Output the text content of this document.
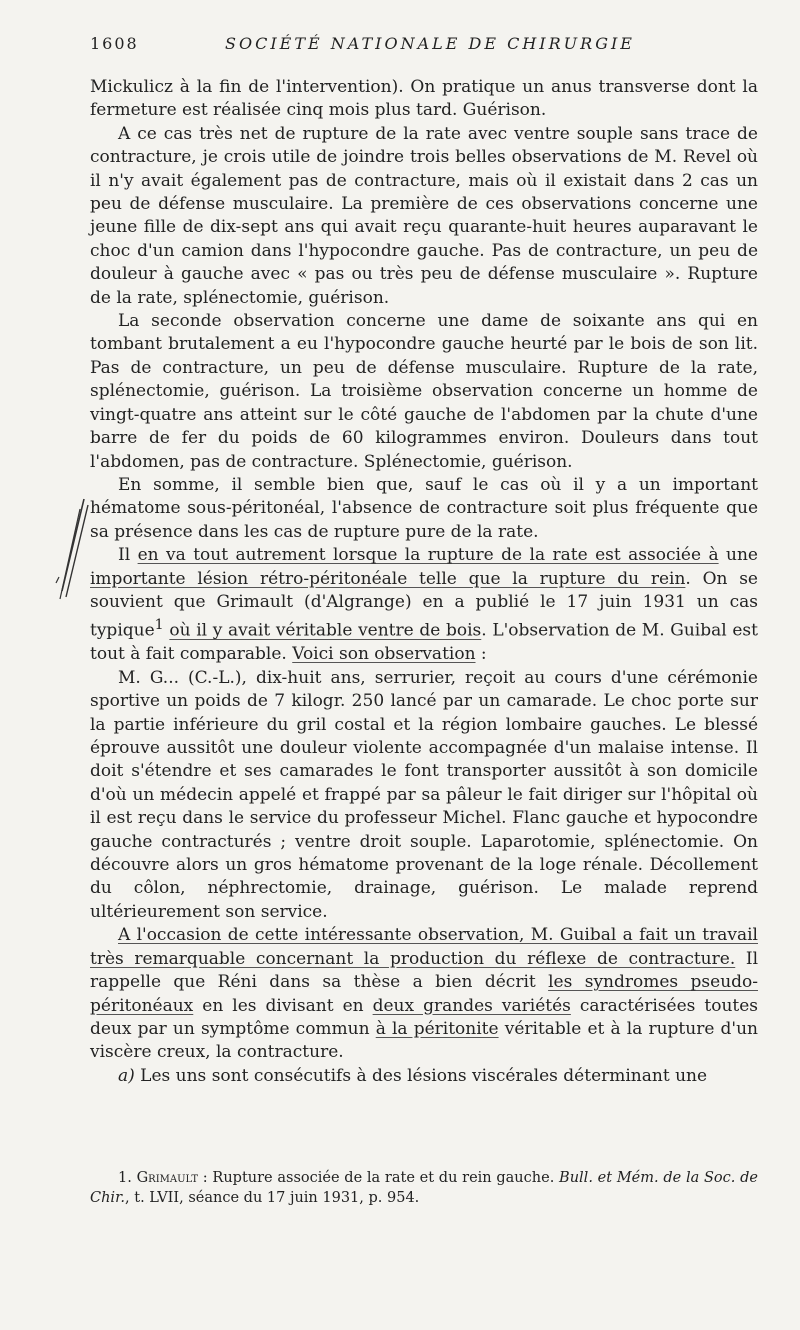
1608	SOCIÉTÉ NATIONALE DE CHIRURGIE

Mickulicz à la fin de l'intervention). On pratique un anus transverse dont la fermeture est réalisée cinq mois plus tard. Guérison.

A ce cas très net de rupture de la rate avec ventre souple sans trace de contracture, je crois utile de joindre trois belles observations de M. Revel où il n'y avait également pas de contracture, mais où il existait dans 2 cas un peu de défense musculaire. La première de ces observations concerne une jeune fille de dix-sept ans qui avait reçu quarante-huit heures auparavant le choc d'un camion dans l'hypocondre gauche. Pas de contracture, un peu de douleur à gauche avec « pas ou très peu de défense musculaire ». Rupture de la rate, splénectomie, guérison.

La seconde observation concerne une dame de soixante ans qui en tombant brutalement a eu l'hypocondre gauche heurté par le bois de son lit. Pas de contracture, un peu de défense musculaire. Rupture de la rate, splénectomie, guérison. La troisième observation concerne un homme de vingt-quatre ans atteint sur le côté gauche de l'abdomen par la chute d'une barre de fer du poids de 60 kilogrammes environ. Douleurs dans tout l'abdomen, pas de contracture. Splénectomie, guérison.

En somme, il semble bien que, sauf le cas où il y a un important hématome sous-péritonéal, l'absence de contracture soit plus fréquente que sa présence dans les cas de rupture pure de la rate.

Il en va tout autrement lorsque la rupture de la rate est associée à une importante lésion rétro-péritonéale telle que la rupture du rein. On se souvient que Grimault (d'Algrange) en a publié le 17 juin 1931 un cas typique$^1$ où il y avait véritable ventre de bois. L'observation de M. Guibal est tout à fait comparable. Voici son observation :

M. G... (C.-L.), dix-huit ans, serrurier, reçoit au cours d'une cérémonie sportive un poids de 7 kilogr. 250 lancé par un camarade. Le choc porte sur la partie inférieure du gril costal et la région lombaire gauches. Le blessé éprouve aussitôt une douleur violente accompagnée d'un malaise intense. Il doit s'étendre et ses camarades le font transporter aussitôt à son domicile d'où un médecin appelé et frappé par sa pâleur le fait diriger sur l'hôpital où il est reçu dans le service du professeur Michel. Flanc gauche et hypocondre gauche contracturés ; ventre droit souple. Laparotomie, splénectomie. On découvre alors un gros hématome provenant de la loge rénale. Décollement du côlon, néphrectomie, drainage, guérison. Le malade reprend ultérieurement son service.

A l'occasion de cette intéressante observation, M. Guibal a fait un travail très remarquable concernant la production du réflexe de contracture. Il rappelle que Réni dans sa thèse a bien décrit les syndromes pseudo-péritonéaux en les divisant en deux grandes variétés caractérisées toutes deux par un symptôme commun à la péritonite véritable et à la rupture d'un viscère creux, la contracture.

a) Les uns sont consécutifs à des lésions viscérales déterminant une

1. Grimault : Rupture associée de la rate et du rein gauche. Bull. et Mém. de la Soc. de Chir., t. LVII, séance du 17 juin 1931, p. 954.
